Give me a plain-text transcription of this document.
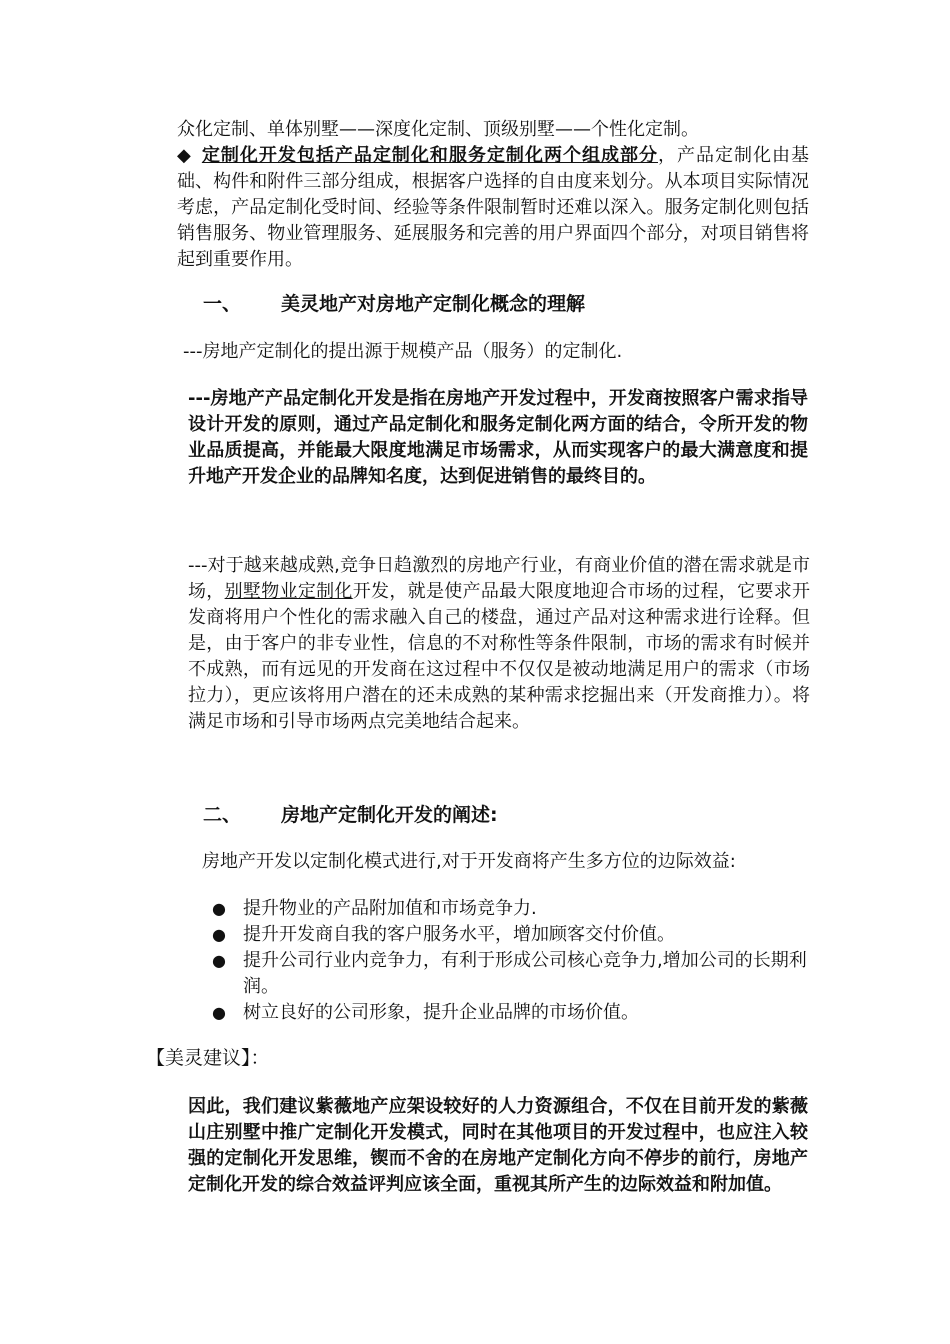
众化定制、单体别墅——深度化定制、顶级别墅——个性化定制。
◆ 定制化开发包括产品定制化和服务定制化两个组成部分，产品定制化由基础、构件和附件三部分组成，根据客户选择的自由度来划分。从本项目实际情况考虑，产品定制化受时间、经验等条件限制暂时还难以深入。服务定制化则包括销售服务、物业管理服务、延展服务和完善的用户界面四个部分，对项目销售将起到重要作用。

一、 美灵地产对房地产定制化概念的理解

---房地产定制化的提出源于规模产品（服务）的定制化.

---房地产产品定制化开发是指在房地产开发过程中，开发商按照客户需求指导设计开发的原则，通过产品定制化和服务定制化两方面的结合，令所开发的物业品质提高，并能最大限度地满足市场需求，从而实现客户的最大满意度和提升地产开发企业的品牌知名度，达到促进销售的最终目的。

---对于越来越成熟,竞争日趋激烈的房地产行业，有商业价值的潜在需求就是市场，别墅物业定制化开发，就是使产品最大限度地迎合市场的过程，它要求开发商将用户个性化的需求融入自己的楼盘，通过产品对这种需求进行诠释。但是，由于客户的非专业性，信息的不对称性等条件限制，市场的需求有时候并不成熟，而有远见的开发商在这过程中不仅仅是被动地满足用户的需求（市场拉力），更应该将用户潜在的还未成熟的某种需求挖掘出来（开发商推力）。将满足市场和引导市场两点完美地结合起来。

二、 房地产定制化开发的阐述:

房地产开发以定制化模式进行,对于开发商将产生多方位的边际效益:

● 提升物业的产品附加值和市场竞争力.
● 提升开发商自我的客户服务水平，增加顾客交付价值。
● 提升公司行业内竞争力，有利于形成公司核心竞争力,增加公司的长期利润。
● 树立良好的公司形象，提升企业品牌的市场价值。
【美灵建议】：

因此，我们建议紫薇地产应架设较好的人力资源组合，不仅在目前开发的紫薇山庄别墅中推广定制化开发模式，同时在其他项目的开发过程中，也应注入较强的定制化开发思维，锲而不舍的在房地产定制化方向不停步的前行，房地产定制化开发的综合效益评判应该全面，重视其所产生的边际效益和附加值。
